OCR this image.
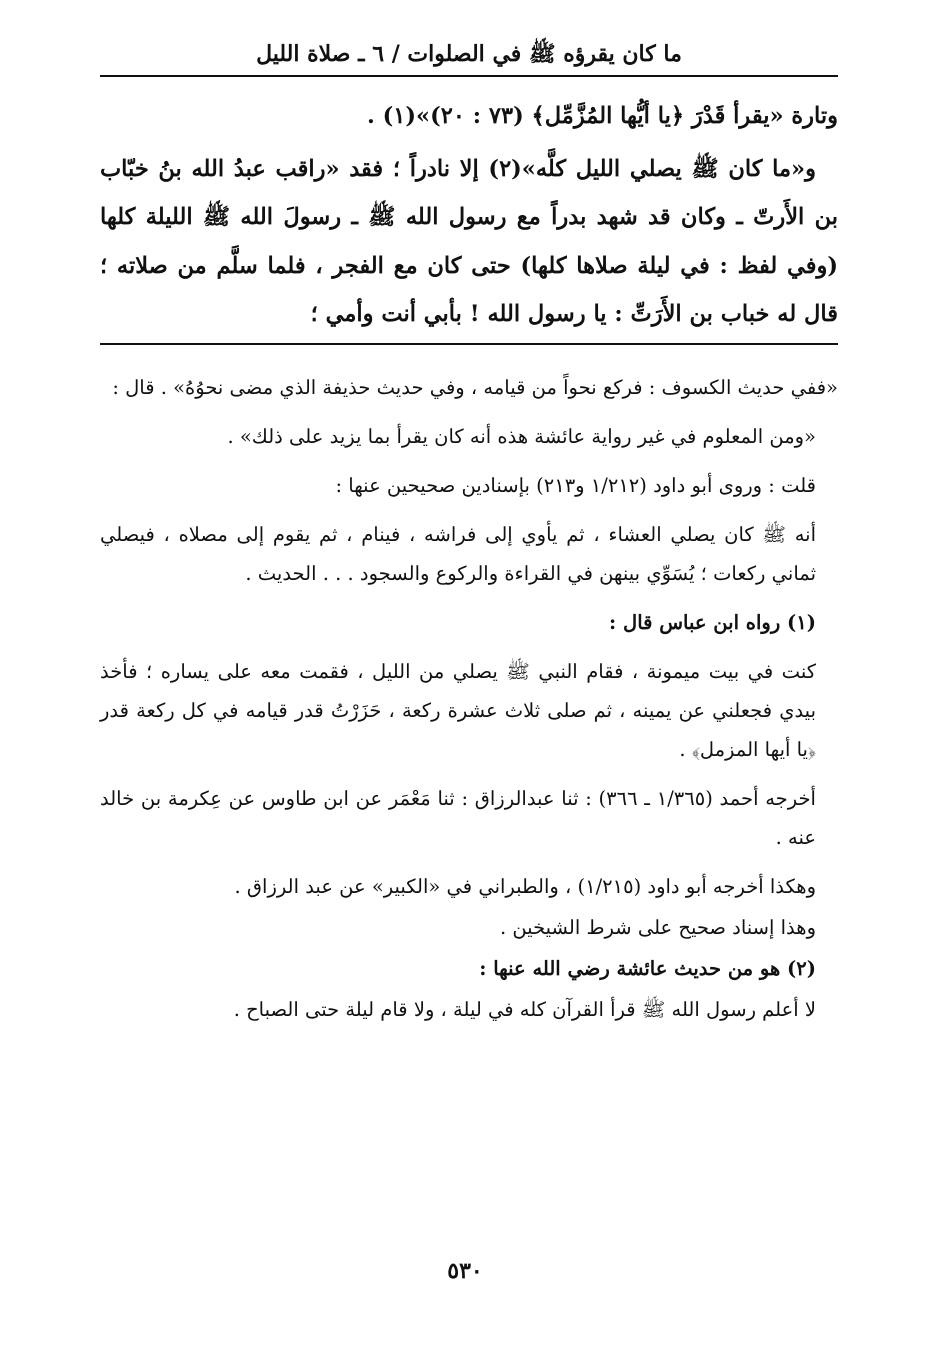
ما كان يقرؤه ﷺ في الصلوات / ٦ ـ صلاة الليل

وتارة «يقرأ قَدْرَ ﴿يا أيُّها المُزَّمِّل﴾ (٧٣ : ٢٠)»(١) .

و«ما كان ﷺ يصلي الليل كلَّه»(٢) إلا نادراً ؛ فقد «راقب عبدُ الله بنُ خبّاب بن الأَرتّ ـ وكان قد شهد بدراً مع رسول الله ﷺ ـ رسولَ الله ﷺ الليلة كلها (وفي لفظ : في ليلة صلاها كلها) حتى كان مع الفجر ، فلما سلَّم من صلاته ؛ قال له خباب بن الأَرَتِّ : يا رسول الله ! بأبي أنت وأمي ؛

«ففي حديث الكسوف : فركع نحواً من قيامه ، وفي حديث حذيفة الذي مضى نحوُهُ» . قال :

«ومن المعلوم في غير رواية عائشة هذه أنه كان يقرأ بما يزيد على ذلك» .

قلت : وروى أبو داود (١/٢١٢ و٢١٣) بإسنادين صحيحين عنها :

أنه ﷺ كان يصلي العشاء ، ثم يأوي إلى فراشه ، فينام ، ثم يقوم إلى مصلاه ، فيصلي ثماني ركعات ؛ يُسَوِّي بينهن في القراءة والركوع والسجود . . . الحديث .

(١) رواه ابن عباس قال :

كنت في بيت ميمونة ، فقام النبي ﷺ يصلي من الليل ، فقمت معه على يساره ؛ فأخذ بيدي فجعلني عن يمينه ، ثم صلى ثلاث عشرة ركعة ، حَزَرْتُ قدر قيامه في كل ركعة قدر ﴿يا أيها المزمل﴾ .

أخرجه أحمد (١/٣٦٥ ـ ٣٦٦) : ثنا عبدالرزاق : ثنا مَعْمَر عن ابن طاوس عن عِكرمة بن خالد عنه .

وهكذا أخرجه أبو داود (١/٢١٥) ، والطبراني في «الكبير» عن عبد الرزاق .

وهذا إسناد صحيح على شرط الشيخين .

(٢) هو من حديث عائشة رضي الله عنها :

لا أعلم رسول الله ﷺ قرأ القرآن كله في ليلة ، ولا قام ليلة حتى الصباح .

٥٣٠
